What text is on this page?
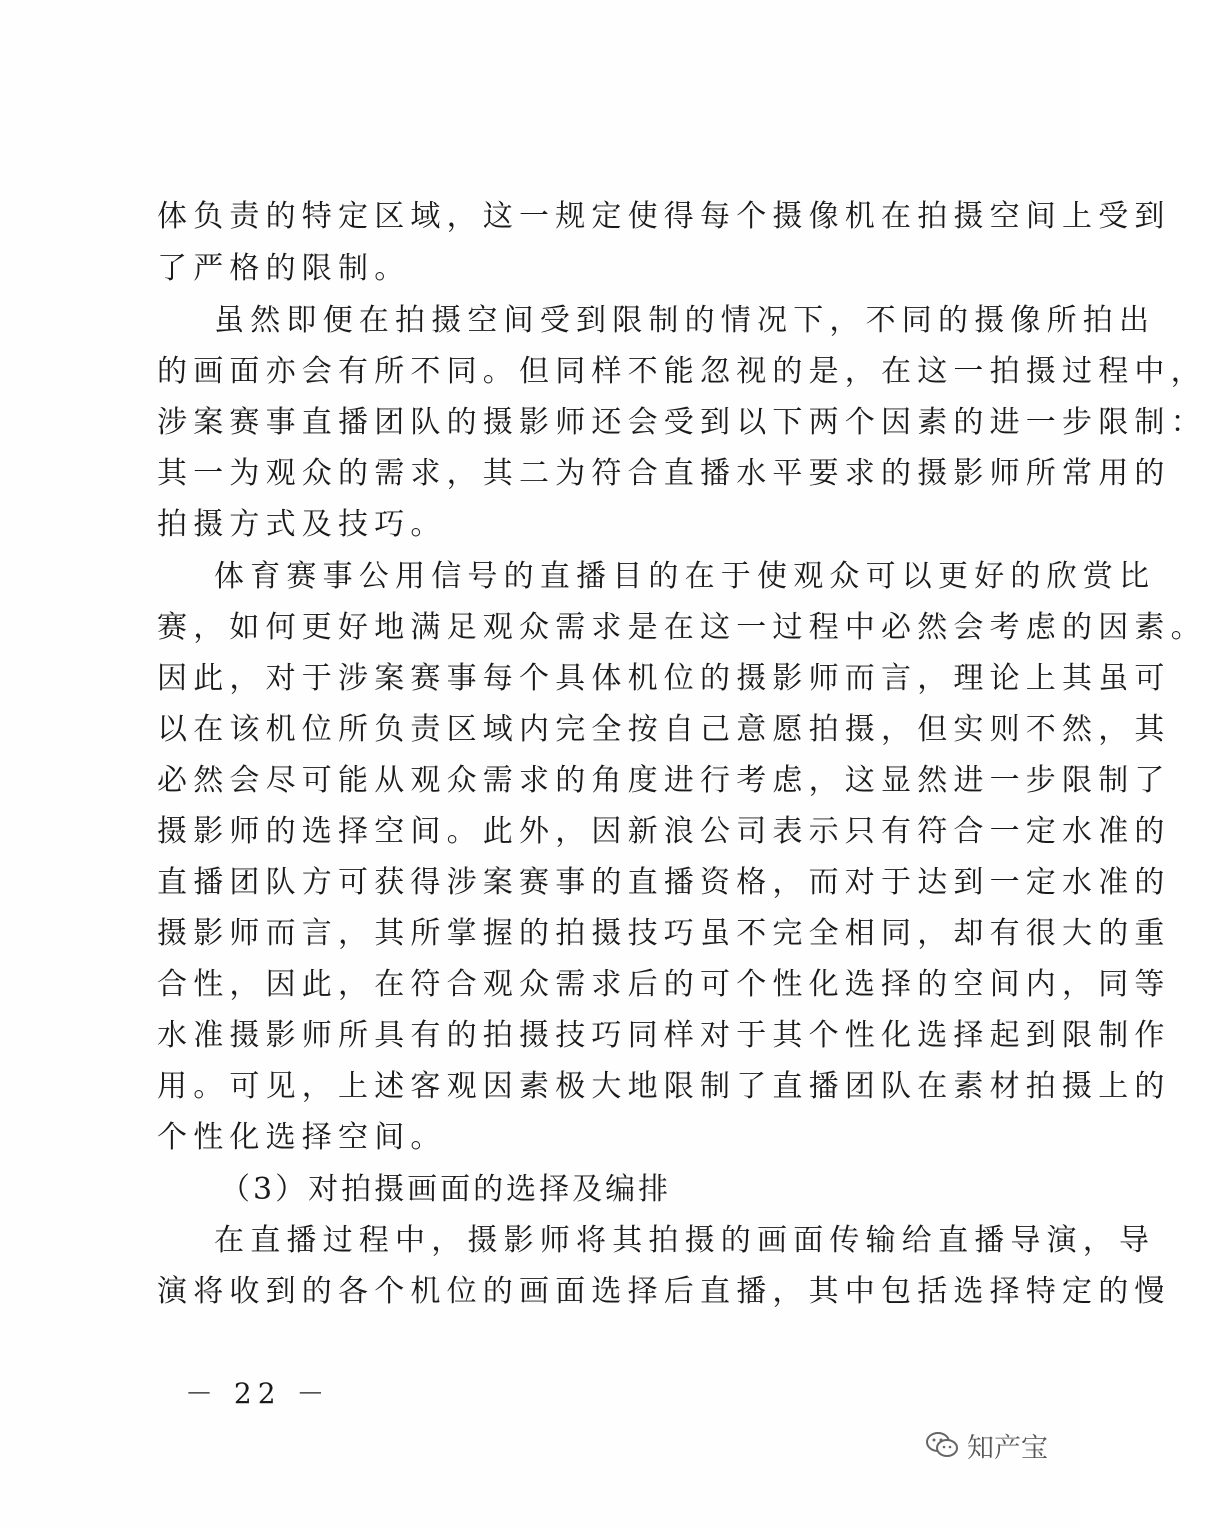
体负责的特定区域，这一规定使得每个摄像机在拍摄空间上受到
了严格的限制。
虽然即便在拍摄空间受到限制的情况下，不同的摄像所拍出
的画面亦会有所不同。但同样不能忽视的是，在这一拍摄过程中，
涉案赛事直播团队的摄影师还会受到以下两个因素的进一步限制：
其一为观众的需求，其二为符合直播水平要求的摄影师所常用的
拍摄方式及技巧。
体育赛事公用信号的直播目的在于使观众可以更好的欣赏比
赛，如何更好地满足观众需求是在这一过程中必然会考虑的因素。
因此，对于涉案赛事每个具体机位的摄影师而言，理论上其虽可
以在该机位所负责区域内完全按自己意愿拍摄，但实则不然，其
必然会尽可能从观众需求的角度进行考虑，这显然进一步限制了
摄影师的选择空间。此外，因新浪公司表示只有符合一定水准的
直播团队方可获得涉案赛事的直播资格，而对于达到一定水准的
摄影师而言，其所掌握的拍摄技巧虽不完全相同，却有很大的重
合性，因此，在符合观众需求后的可个性化选择的空间内，同等
水准摄影师所具有的拍摄技巧同样对于其个性化选择起到限制作
用。可见，上述客观因素极大地限制了直播团队在素材拍摄上的
个性化选择空间。
（3）对拍摄画面的选择及编排
在直播过程中，摄影师将其拍摄的画面传输给直播导演，导
演将收到的各个机位的画面选择后直播，其中包括选择特定的慢
－ 22 －
知产宝
